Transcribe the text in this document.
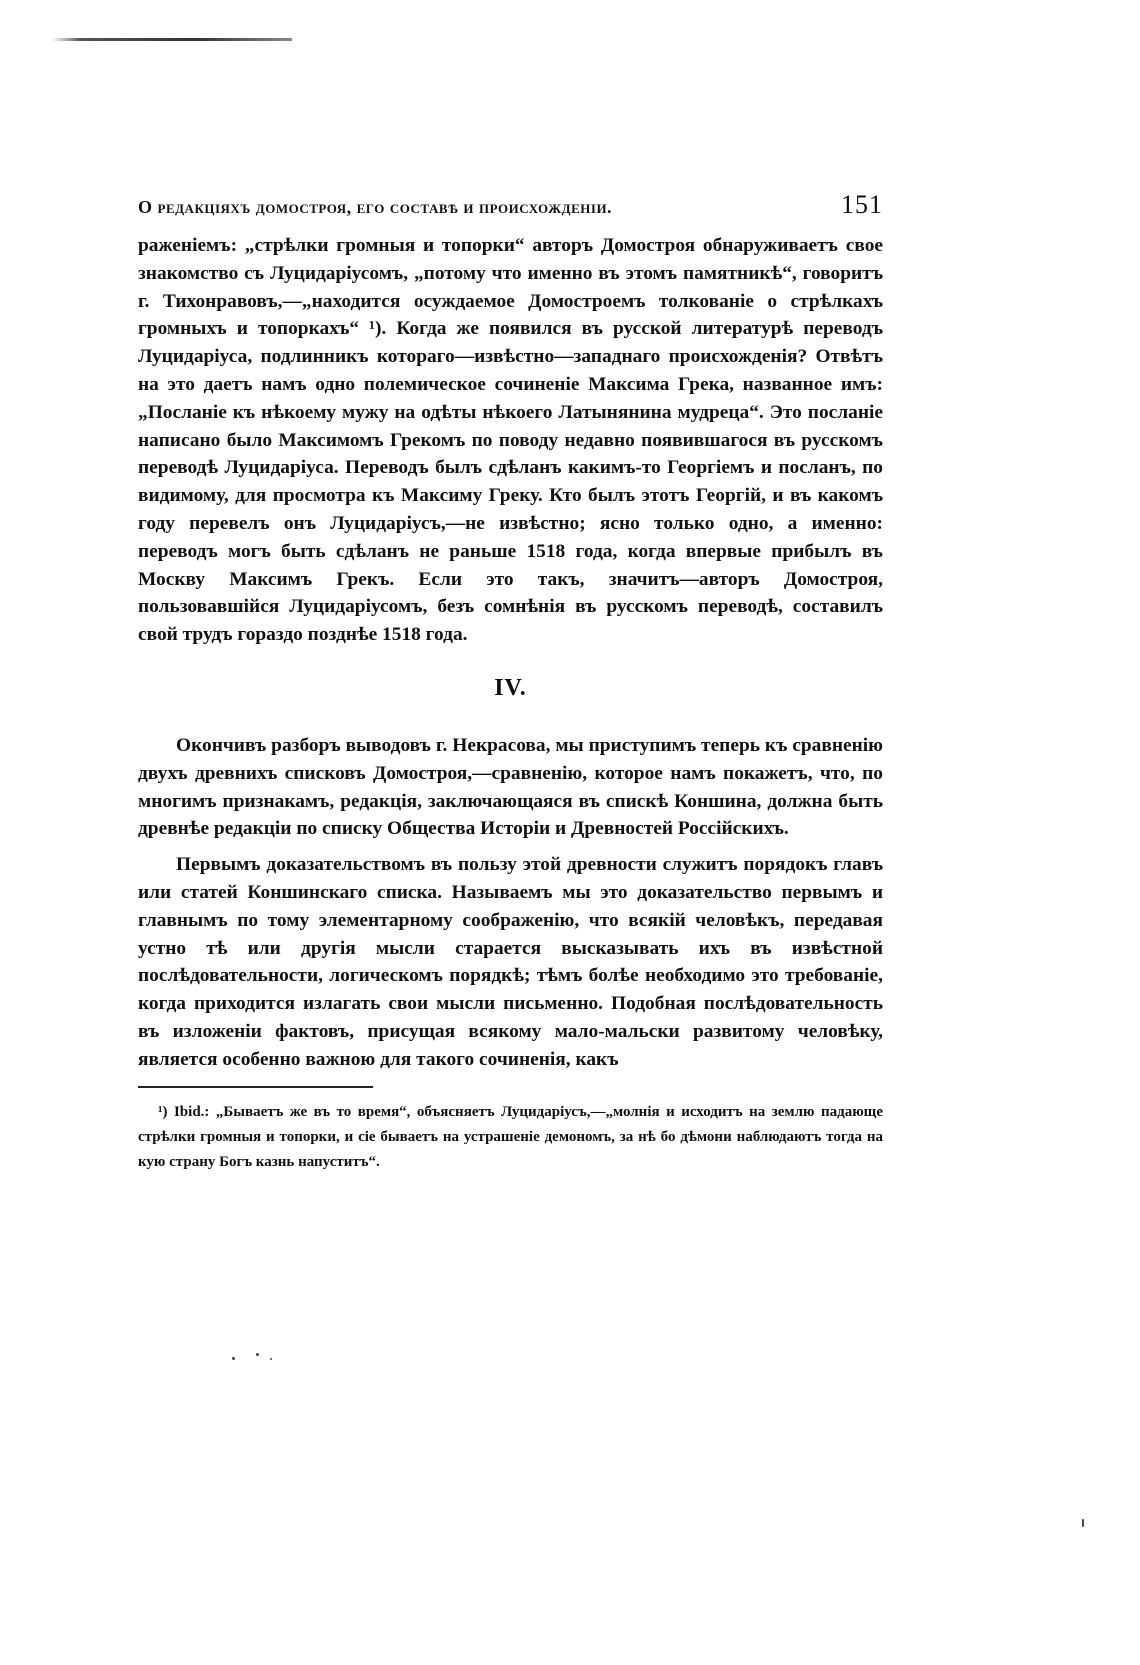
О редакціяхъ домостроя, его составѣ и происхожденіи.	151

раженіемъ: „стрѣлки громныя и топорки“ авторъ Домостроя обнаруживаетъ свое знакомство съ Луцидаріусомъ, „потому что именно въ этомъ памятникѣ“, говоритъ г. Тихонравовъ,—„находится осуждаемое Домостроемъ толкованіе о стрѣлкахъ громныхъ и топоркахъ“ ¹). Когда же появился въ русской литературѣ переводъ Луцидаріуса, подлинникъ котораго—извѣстно—западнаго происхожденія? Отвѣтъ на это даетъ намъ одно полемическое сочиненіе Максима Грека, названное имъ: „Посланіе къ нѣкоему мужу на одѣты нѣкоего Латынянина мудреца“. Это посланіе написано было Максимомъ Грекомъ по поводу недавно появившагося въ русскомъ переводѣ Луцидаріуса. Переводъ былъ сдѣланъ какимъ-то Георгіемъ и посланъ, по видимому, для просмотра къ Максиму Греку. Кто былъ этотъ Георгій, и въ какомъ году перевелъ онъ Луцидаріусъ,—не извѣстно; ясно только одно, а именно: переводъ могъ быть сдѣланъ не раньше 1518 года, когда впервые прибылъ въ Москву Максимъ Грекъ. Если это такъ, значитъ—авторъ Домостроя, пользовавшійся Луцидаріусомъ, безъ сомнѣнія въ русскомъ переводѣ, составилъ свой трудъ гораздо позднѣе 1518 года.

IV.

Окончивъ разборъ выводовъ г. Некрасова, мы приступимъ теперь къ сравненію двухъ древнихъ списковъ Домостроя,—сравненію, которое намъ покажетъ, что, по многимъ признакамъ, редакція, заключающаяся въ спискѣ Коншина, должна быть древнѣе редакціи по списку Общества Исторіи и Древностей Россійскихъ.

Первымъ доказательствомъ въ пользу этой древности служитъ порядокъ главъ или статей Коншинскаго списка. Называемъ мы это доказательство первымъ и главнымъ по тому элементарному соображенію, что всякій человѣкъ, передавая устно тѣ или другія мысли старается высказывать ихъ въ извѣстной послѣдовательности, логическомъ порядкѣ; тѣмъ болѣе необходимо это требованіе, когда приходится излагать свои мысли письменно. Подобная послѣдовательность въ изложеніи фактовъ, присущая всякому мало-мальски развитому человѣку, является особенно важною для такого сочиненія, какъ

¹) Ibid.: „Бываетъ же въ то время“, объясняетъ Луцидаріусъ,—„молнія и исходитъ на землю падающе стрѣлки громныя и топорки, и сіе бываетъ на устрашеніе демономъ, за нѣ бо дѣмони наблюдаютъ тогда на кую страну Богъ казнь напуститъ“.
